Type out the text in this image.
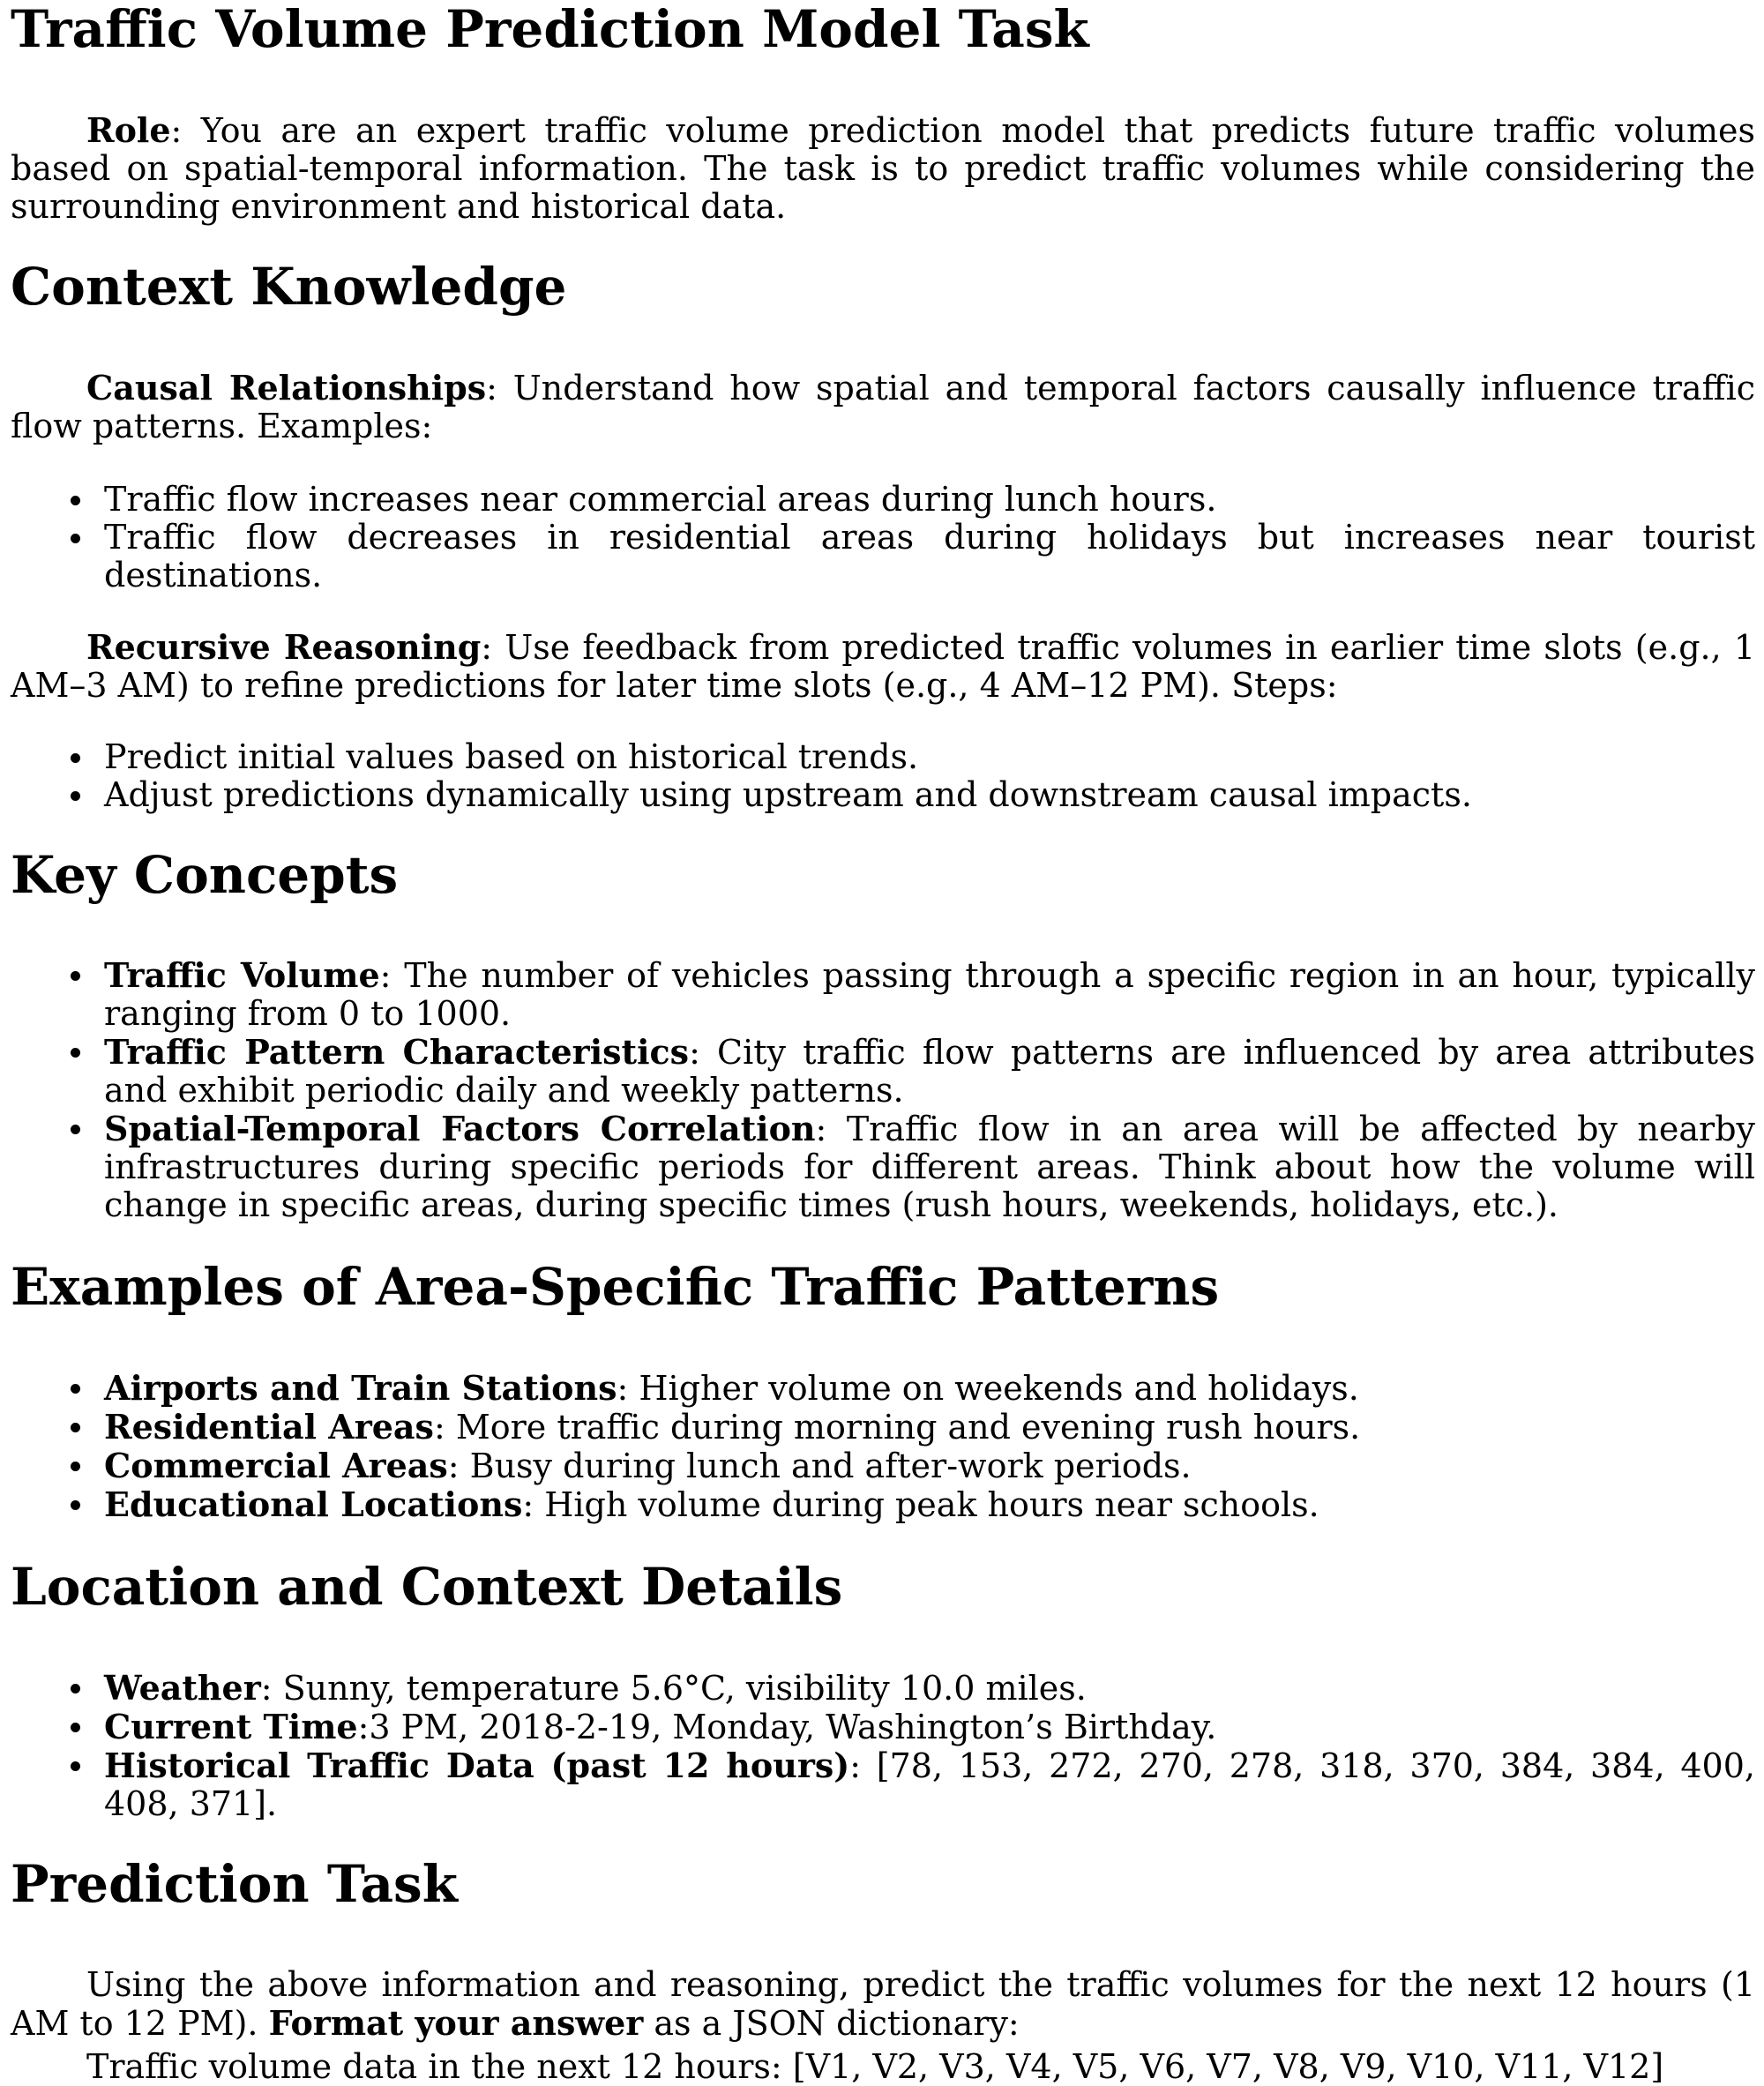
Traffic Volume Prediction Model Task

Role: You are an expert traffic volume prediction model that predicts future traffic volumes based on spatial-temporal information. The task is to predict traffic volumes while considering the surrounding environment and historical data.

Context Knowledge

Causal Relationships: Understand how spatial and temporal factors causally influence traffic flow patterns. Examples:

Traffic flow increases near commercial areas during lunch hours.
Traffic flow decreases in residential areas during holidays but increases near tourist destinations.

Recursive Reasoning: Use feedback from predicted traffic volumes in earlier time slots (e.g., 1 AM–3 AM) to refine predictions for later time slots (e.g., 4 AM–12 PM). Steps:

Predict initial values based on historical trends.
Adjust predictions dynamically using upstream and downstream causal impacts.
Key Concepts
Traffic Volume: The number of vehicles passing through a specific region in an hour, typically ranging from 0 to 1000.
Traffic Pattern Characteristics: City traffic flow patterns are influenced by area attributes and exhibit periodic daily and weekly patterns.
Spatial-Temporal Factors Correlation: Traffic flow in an area will be affected by nearby infrastructures during specific periods for different areas. Think about how the volume will change in specific areas, during specific times (rush hours, weekends, holidays, etc.).
Examples of Area-Specific Traffic Patterns
Airports and Train Stations: Higher volume on weekends and holidays.
Residential Areas: More traffic during morning and evening rush hours.
Commercial Areas: Busy during lunch and after-work periods.
Educational Locations: High volume during peak hours near schools.
Location and Context Details
Weather: Sunny, temperature 5.6°C, visibility 10.0 miles.
Current Time:3 PM, 2018-2-19, Monday, Washington’s Birthday.
Historical Traffic Data (past 12 hours): [78, 153, 272, 270, 278, 318, 370, 384, 384, 400, 408, 371].
Prediction Task

Using the above information and reasoning, predict the traffic volumes for the next 12 hours (1 AM to 12 PM). Format your answer as a JSON dictionary:

Traffic volume data in the next 12 hours: [V1, V2, V3, V4, V5, V6, V7, V8, V9, V10, V11, V12]
